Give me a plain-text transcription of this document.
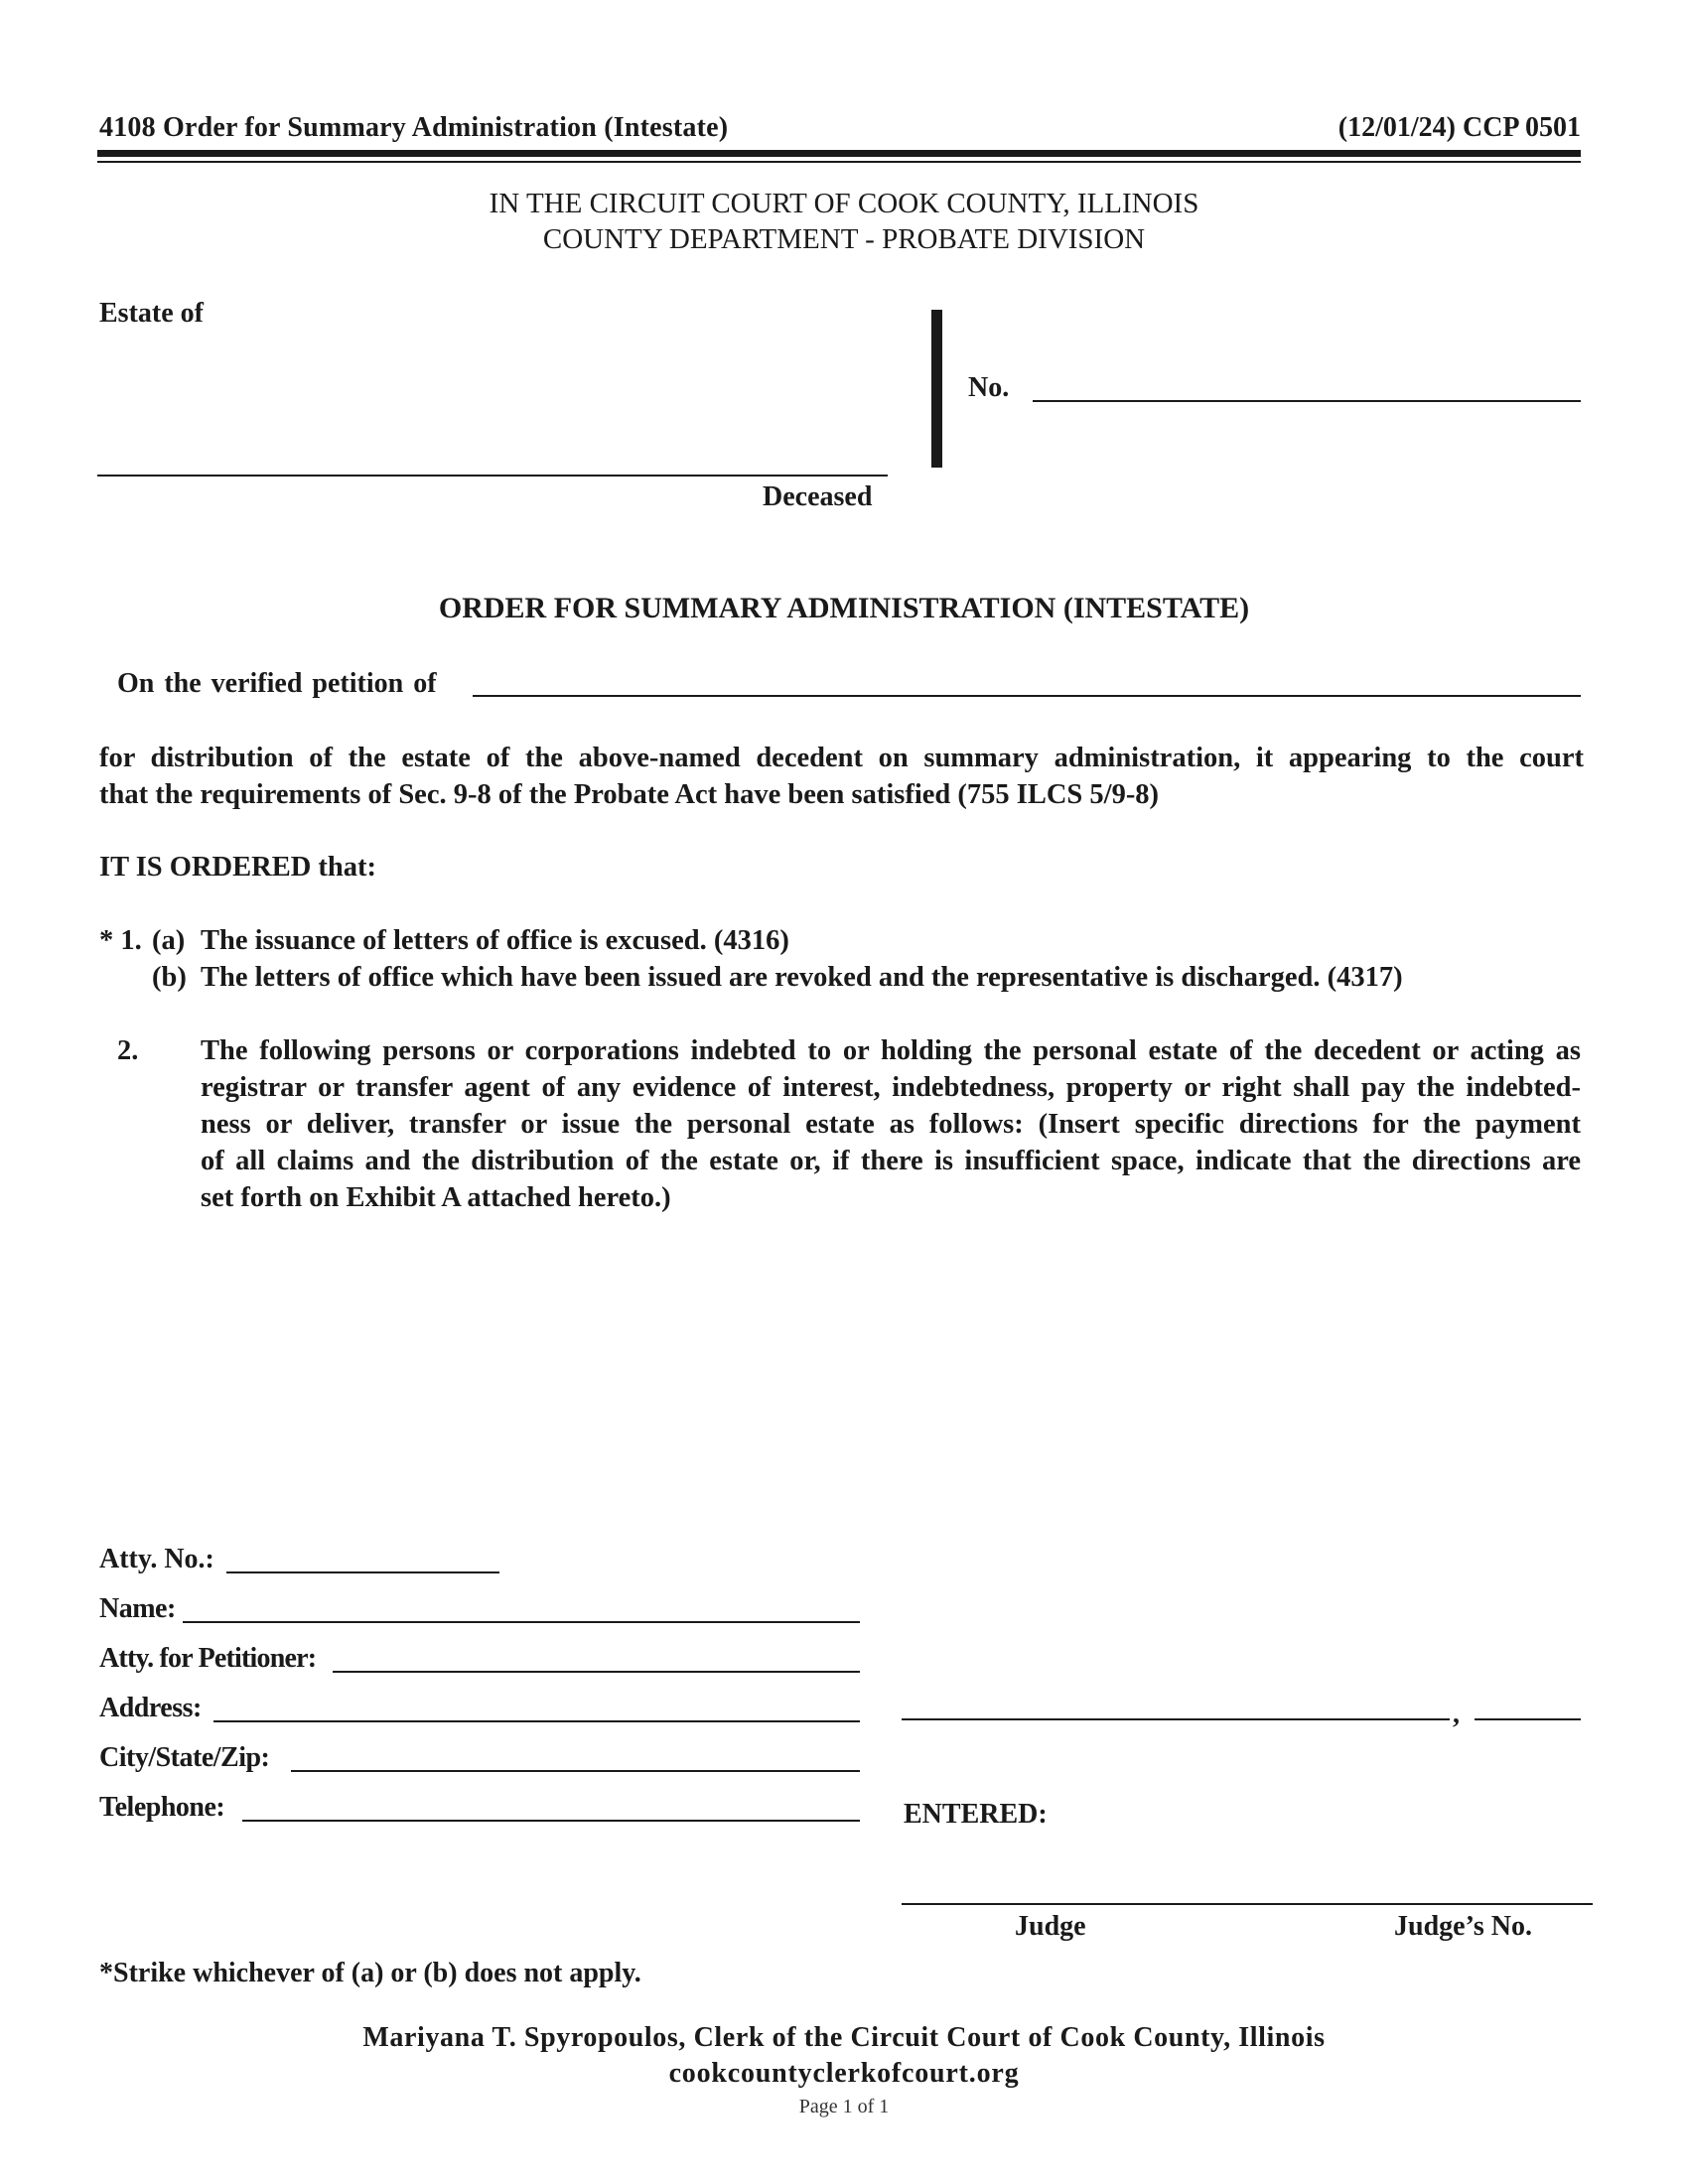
4108 Order for Summary Administration (Intestate)	(12/01/24) CCP 0501
IN THE CIRCUIT COURT OF COOK COUNTY, ILLINOIS
COUNTY DEPARTMENT - PROBATE DIVISION
Estate of
Deceased
No.
ORDER FOR SUMMARY ADMINISTRATION (INTESTATE)
On the verified petition of
for distribution of the estate of the above-named decedent on summary administration, it appearing to the court
that the requirements of Sec. 9-8 of the Probate Act have been satisfied (755 ILCS 5/9-8)
IT IS ORDERED that:
* 1. (a) The issuance of letters of office is excused. (4316)
(b) The letters of office which have been issued are revoked and the representative is discharged. (4317)
2. The following persons or corporations indebted to or holding the personal estate of the decedent or acting as
registrar or transfer agent of any evidence of interest, indebtedness, property or right shall pay the indebted-
ness or deliver, transfer or issue the personal estate as follows: (Insert specific directions for the payment
of all claims and the distribution of the estate or, if there is insufficient space, indicate that the directions are
set forth on Exhibit A attached hereto.)
Atty. No.:
Name:
Atty. for Petitioner:
Address:
City/State/Zip:
Telephone:
,
ENTERED:
Judge	Judge’s No.
*Strike whichever of (a) or (b) does not apply.
Mariyana T. Spyropoulos, Clerk of the Circuit Court of Cook County, Illinois
cookcountyclerkofcourt.org
Page 1 of 1
